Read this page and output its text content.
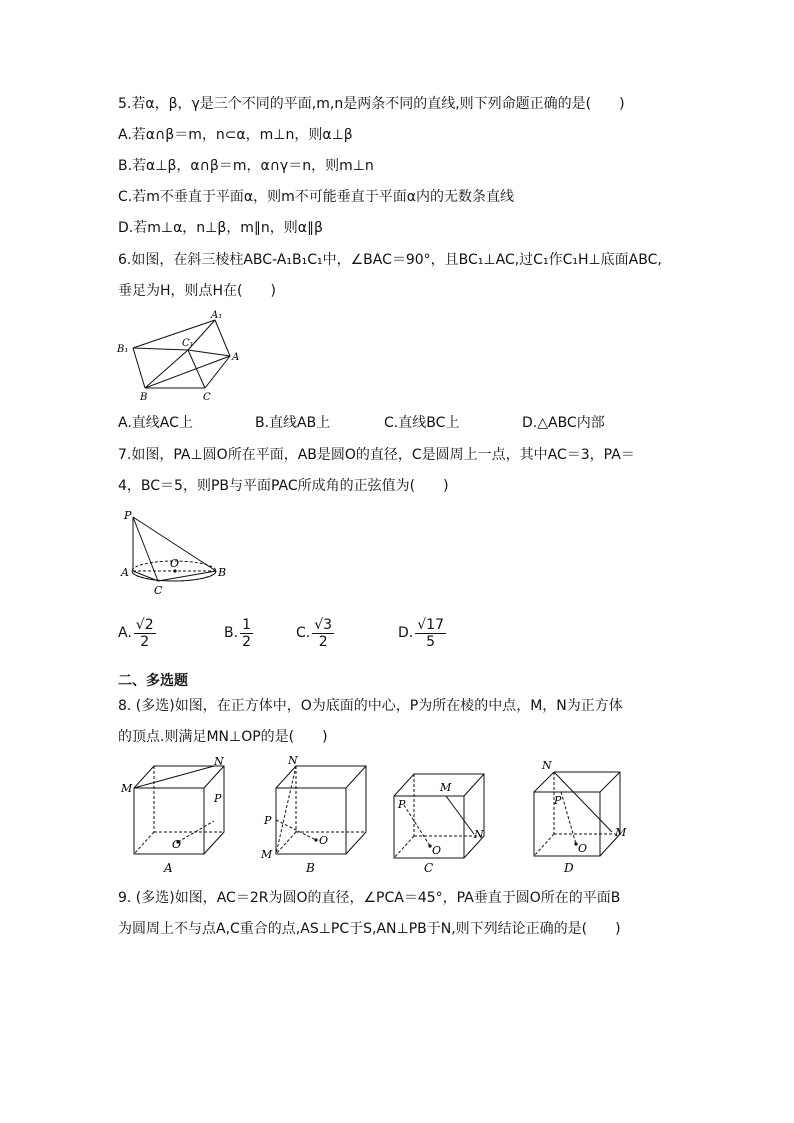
5.若α，β，γ是三个不同的平面,m,n是两条不同的直线,则下列命题正确的是(　　)
A.若α∩β＝m，n⊂α，m⊥n，则α⊥β
B.若α⊥β，α∩β＝m，α∩γ＝n，则m⊥n
C.若m不垂直于平面α，则m不可能垂直于平面α内的无数条直线
D.若m⊥α，n⊥β，m∥n，则α∥β
6.如图，在斜三棱柱ABC-A₁B₁C₁中，∠BAC＝90°，且BC₁⊥AC,过C₁作C₁H⊥底面ABC,
垂足为H，则点H在(　　)
A₁
B₁
C₁
A
B	C
A.直线AC上	B.直线AB上	C.直线BC上	D.△ABC内部
7.如图，PA⊥圆O所在平面，AB是圆O的直径，C是圆周上一点，其中AC＝3，PA＝
4，BC＝5，则PB与平面PAC所成角的正弦值为(　　)
P
A	B
C
O
A. √ $\frac{2}{2}$	B. $\frac{1}{2}$	C. √ $\frac{3}{2}$	D. √ $\frac{17}{5}$
二、多选题
8. (多选)如图，在正方体中，O为底面的中心，P为所在棱的中点，M，N为正方体
的顶点.则满足MN⊥OP的是(　　)
M
N
P
O
A
M
N
P
O
B
M
N
P
O
C
M
N
P
O
D
9. (多选)如图，AC＝2R为圆O的直径，∠PCA＝45°，PA垂直于圆O所在的平面B
为圆周上不与点A,C重合的点,AS⊥PC于S,AN⊥PB于N,则下列结论正确的是(　　)
